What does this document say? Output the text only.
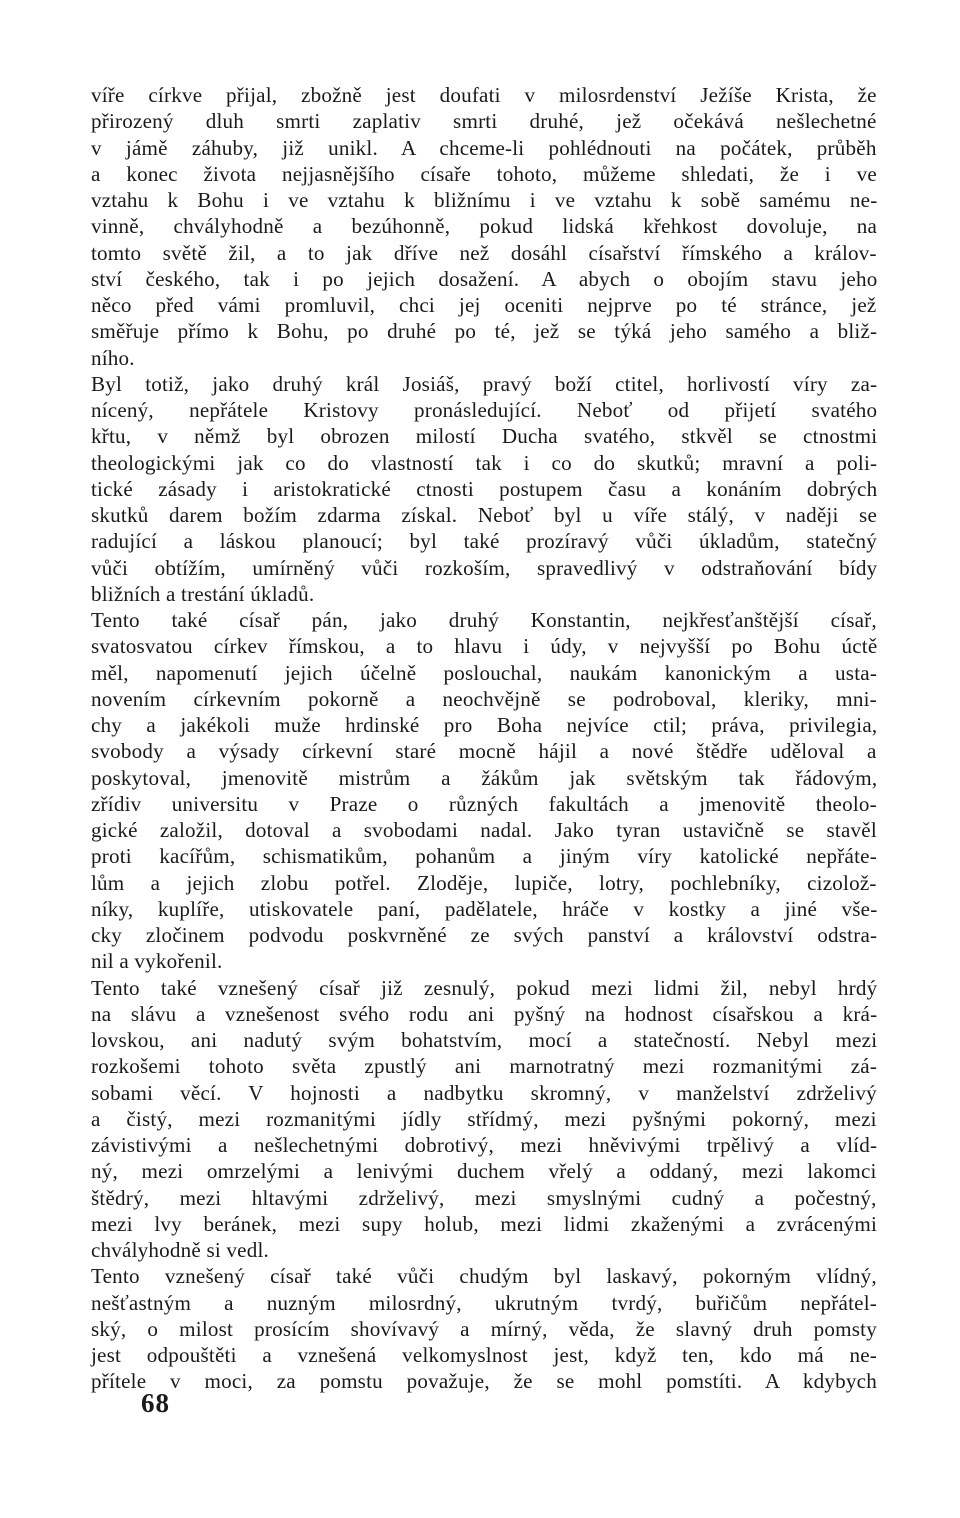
víře církve přijal, zbožně jest doufati v milosrdenství Ježíše Krista, že
přirozený dluh smrti zaplativ smrti druhé, jež očekává nešlechetné
v jámě záhuby, již unikl. A chceme-li pohlédnouti na počátek, průběh
a konec života nejjasnějšího císaře tohoto, můžeme shledati, že i ve
vztahu k Bohu i ve vztahu k bližnímu i ve vztahu k sobě samému ne-
vinně, chvályhodně a bezúhonně, pokud lidská křehkost dovoluje, na
tomto světě žil, a to jak dříve než dosáhl císařství římského a králov-
ství českého, tak i po jejich dosažení. A abych o obojím stavu jeho
něco před vámi promluvil, chci jej oceniti nejprve po té stránce, jež
směřuje přímo k Bohu, po druhé po té, jež se týká jeho samého a bliž-
ního.
Byl totiž, jako druhý král Josiáš, pravý boží ctitel, horlivostí víry za-
nícený, nepřátele Kristovy pronásledující. Neboť od přijetí svatého
křtu, v němž byl obrozen milostí Ducha svatého, stkvěl se ctnostmi
theologickými jak co do vlastností tak i co do skutků; mravní a poli-
tické zásady i aristokratické ctnosti postupem času a konáním dobrých
skutků darem božím zdarma získal. Neboť byl u víře stálý, v naději se
radující a láskou planoucí; byl také prozíravý vůči úkladům, statečný
vůči obtížím, umírněný vůči rozkoším, spravedlivý v odstraňování bídy
bližních a trestání úkladů.
Tento také císař pán, jako druhý Konstantin, nejkřesťanštější císař,
svatosvatou církev římskou, a to hlavu i údy, v nejvyšší po Bohu úctě
měl, napomenutí jejich účelně poslouchal, naukám kanonickým a usta-
novením církevním pokorně a neochvějně se podroboval, kleriky, mni-
chy a jakékoli muže hrdinské pro Boha nejvíce ctil; práva, privilegia,
svobody a výsady církevní staré mocně hájil a nové štědře uděloval a
poskytoval, jmenovitě mistrům a žákům jak světským tak řádovým,
zřídiv universitu v Praze o různých fakultách a jmenovitě theolo-
gické založil, dotoval a svobodami nadal. Jako tyran ustavičně se stavěl
proti kacířům, schismatikům, pohanům a jiným víry katolické nepřáte-
lům a jejich zlobu potřel. Zloděje, lupiče, lotry, pochlebníky, cizolož-
níky, kuplíře, utiskovatele paní, padělatele, hráče v kostky a jiné vše-
cky zločinem podvodu poskvrněné ze svých panství a království odstra-
nil a vykořenil.
Tento také vznešený císař již zesnulý, pokud mezi lidmi žil, nebyl hrdý
na slávu a vznešenost svého rodu ani pyšný na hodnost císařskou a krá-
lovskou, ani nadutý svým bohatstvím, mocí a statečností. Nebyl mezi
rozkošemi tohoto světa zpustlý ani marnotratný mezi rozmanitými zá-
sobami věcí. V hojnosti a nadbytku skromný, v manželství zdrželivý
a čistý, mezi rozmanitými jídly střídmý, mezi pyšnými pokorný, mezi
závistivými a nešlechetnými dobrotivý, mezi hněvivými trpělivý a vlíd-
ný, mezi omrzelými a lenivými duchem vřelý a oddaný, mezi lakomci
štědrý, mezi hltavými zdrželivý, mezi smyslnými cudný a počestný,
mezi lvy beránek, mezi supy holub, mezi lidmi zkaženými a zvrácenými
chvályhodně si vedl.
Tento vznešený císař také vůči chudým byl laskavý, pokorným vlídný,
nešťastným a nuzným milosrdný, ukrutným tvrdý, buřičům nepřátel-
ský, o milost prosícím shovívavý a mírný, věda, že slavný druh pomsty
jest odpouštěti a vznešená velkomyslnost jest, když ten, kdo má ne-
přítele v moci, za pomstu považuje, že se mohl pomstíti. A kdybych
68
